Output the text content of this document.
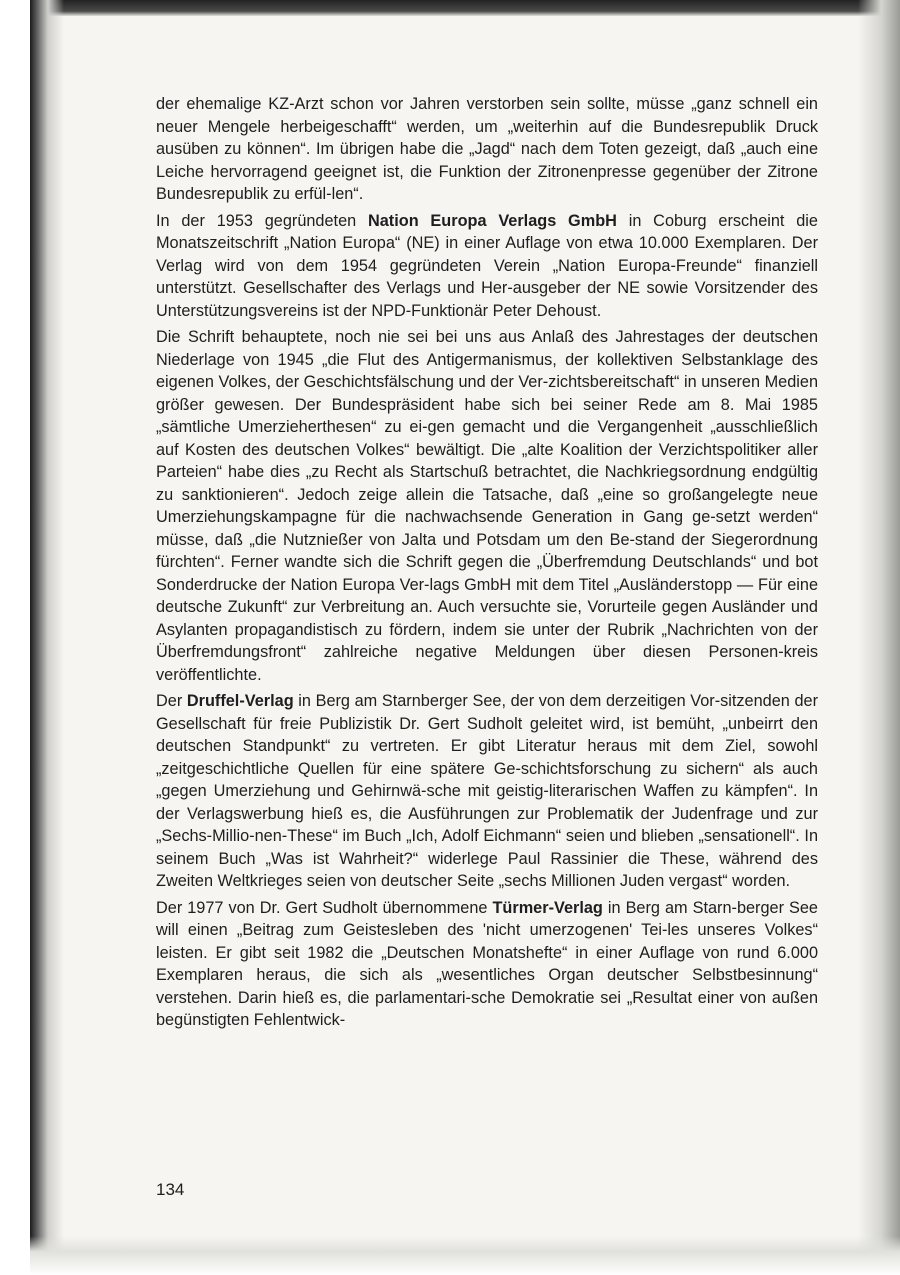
der ehemalige KZ-Arzt schon vor Jahren verstorben sein sollte, müsse „ganz schnell ein neuer Mengele herbeigeschafft“ werden, um „weiterhin auf die Bundesrepublik Druck ausüben zu können“. Im übrigen habe die „Jagd“ nach dem Toten gezeigt, daß „auch eine Leiche hervorragend geeignet ist, die Funktion der Zitronenpresse gegenüber der Zitrone Bundesrepublik zu erfül-len“.

In der 1953 gegründeten Nation Europa Verlags GmbH in Coburg erscheint die Monatszeitschrift „Nation Europa“ (NE) in einer Auflage von etwa 10.000 Exemplaren. Der Verlag wird von dem 1954 gegründeten Verein „Nation Europa-Freunde“ finanziell unterstützt. Gesellschafter des Verlags und Her-ausgeber der NE sowie Vorsitzender des Unterstützungsvereins ist der NPD-Funktionär Peter Dehoust.

Die Schrift behauptete, noch nie sei bei uns aus Anlaß des Jahrestages der deutschen Niederlage von 1945 „die Flut des Antigermanismus, der kollektiven Selbstanklage des eigenen Volkes, der Geschichtsfälschung und der Ver-zichtsbereitschaft“ in unseren Medien größer gewesen. Der Bundespräsident habe sich bei seiner Rede am 8. Mai 1985 „sämtliche Umerzieherthesen“ zu ei-gen gemacht und die Vergangenheit „ausschließlich auf Kosten des deutschen Volkes“ bewältigt. Die „alte Koalition der Verzichtspolitiker aller Parteien“ habe dies „zu Recht als Startschuß betrachtet, die Nachkriegsordnung endgültig zu sanktionieren“. Jedoch zeige allein die Tatsache, daß „eine so großangelegte neue Umerziehungskampagne für die nachwachsende Generation in Gang ge-setzt werden“ müsse, daß „die Nutznießer von Jalta und Potsdam um den Be-stand der Siegerordnung fürchten“. Ferner wandte sich die Schrift gegen die „Überfremdung Deutschlands“ und bot Sonderdrucke der Nation Europa Ver-lags GmbH mit dem Titel „Ausländerstopp — Für eine deutsche Zukunft“ zur Verbreitung an. Auch versuchte sie, Vorurteile gegen Ausländer und Asylanten propagandistisch zu fördern, indem sie unter der Rubrik „Nachrichten von der Überfremdungsfront“ zahlreiche negative Meldungen über diesen Personen-kreis veröffentlichte.

Der Druffel-Verlag in Berg am Starnberger See, der von dem derzeitigen Vor-sitzenden der Gesellschaft für freie Publizistik Dr. Gert Sudholt geleitet wird, ist bemüht, „unbeirrt den deutschen Standpunkt“ zu vertreten. Er gibt Literatur heraus mit dem Ziel, sowohl „zeitgeschichtliche Quellen für eine spätere Ge-schichtsforschung zu sichern“ als auch „gegen Umerziehung und Gehirnwä-sche mit geistig-literarischen Waffen zu kämpfen“. In der Verlagswerbung hieß es, die Ausführungen zur Problematik der Judenfrage und zur „Sechs-Millio-nen-These“ im Buch „Ich, Adolf Eichmann“ seien und blieben „sensationell“. In seinem Buch „Was ist Wahrheit?“ widerlege Paul Rassinier die These, während des Zweiten Weltkrieges seien von deutscher Seite „sechs Millionen Juden vergast“ worden.

Der 1977 von Dr. Gert Sudholt übernommene Türmer-Verlag in Berg am Starn-berger See will einen „Beitrag zum Geistesleben des 'nicht umerzogenen' Tei-les unseres Volkes“ leisten. Er gibt seit 1982 die „Deutschen Monatshefte“ in einer Auflage von rund 6.000 Exemplaren heraus, die sich als „wesentliches Organ deutscher Selbstbesinnung“ verstehen. Darin hieß es, die parlamentari-sche Demokratie sei „Resultat einer von außen begünstigten Fehlentwick-

134
